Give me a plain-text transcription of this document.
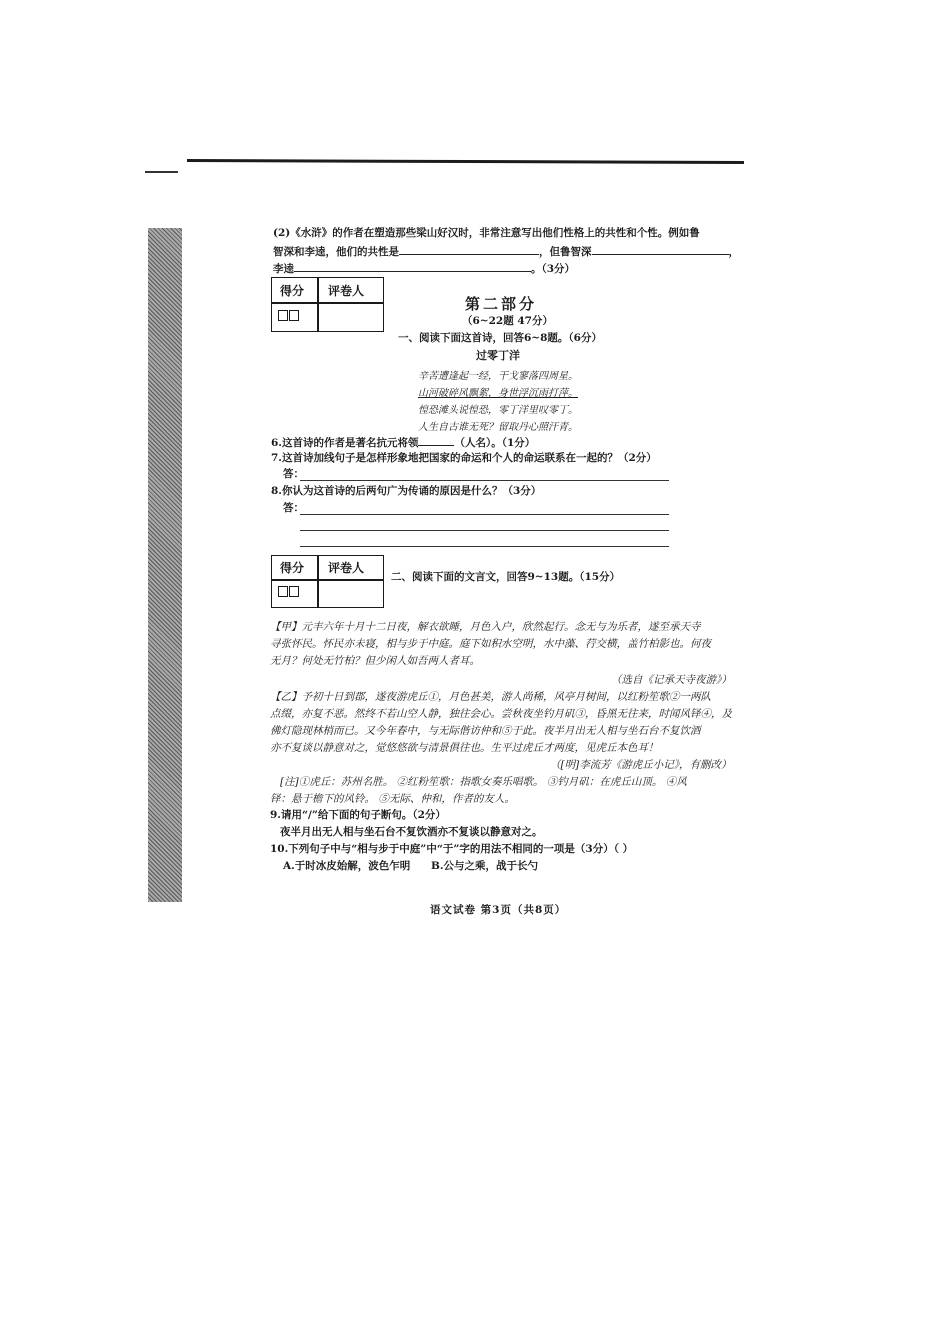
(2)《水浒》的作者在塑造那些梁山好汉时，非常注意写出他们性格上的共性和个性。例如鲁
智深和李逵，他们的共性是	，但鲁智深	，
李逵	。（3分）
得分 评卷人
第二部分
（6~22题 47分）
一、阅读下面这首诗，回答6~8题。（6分）
过零丁洋
辛苦遭逢起一经，干戈寥落四周星。
山河破碎风飘絮，身世浮沉雨打萍。
惶恐滩头说惶恐，零丁洋里叹零丁。
人生自古谁无死？留取丹心照汗青。
6.这首诗的作者是著名抗元将领	（人名）。（1分）
7.这首诗加线句子是怎样形象地把国家的命运和个人的命运联系在一起的？（2分）
答：
8.你认为这首诗的后两句广为传诵的原因是什么？（3分）
答：
得分 评卷人
二、阅读下面的文言文，回答9~13题。（15分）
【甲】元丰六年十月十二日夜，解衣欲睡，月色入户，欣然起行。念无与为乐者，遂至承天寺
寻张怀民。怀民亦未寝，相与步于中庭。庭下如积水空明，水中藻、荇交横，盖竹柏影也。何夜
无月？何处无竹柏？但少闲人如吾两人者耳。
（选自《记承天寺夜游》）
【乙】予初十日到郡，遂夜游虎丘①，月色甚美，游人尚稀，风亭月树间，以红粉笙歌②一两队
点缀，亦复不恶。然终不若山空人静，独往会心。尝秋夜坐钓月矶③，昏黑无往来，时闻风铎④，及
佛灯隐现林梢而已。又今年春中，与无际偕访仲和⑤于此。夜半月出无人相与坐石台不复饮酒
亦不复谈以静意对之，觉悠悠欲与清景俱往也。生平过虎丘才两度，见虎丘本色耳！
（[明]李流芳《游虎丘小记》，有删改）
[注]①虎丘：苏州名胜。 ②红粉笙歌：指歌女奏乐唱歌。 ③钓月矶：在虎丘山顶。 ④风
铎：悬于檐下的风铃。 ⑤无际、仲和，作者的友人。
9.请用“/”给下面的句子断句。（2分）
夜半月出无人相与坐石台不复饮酒亦不复谈以静意对之。
10.下列句子中与“相与步于中庭”中“于”字的用法不相同的一项是（3分）（ ）
A.于时冰皮始解，波色乍明 B.公与之乘，战于长勺
语文试卷 第3页（共8页）
